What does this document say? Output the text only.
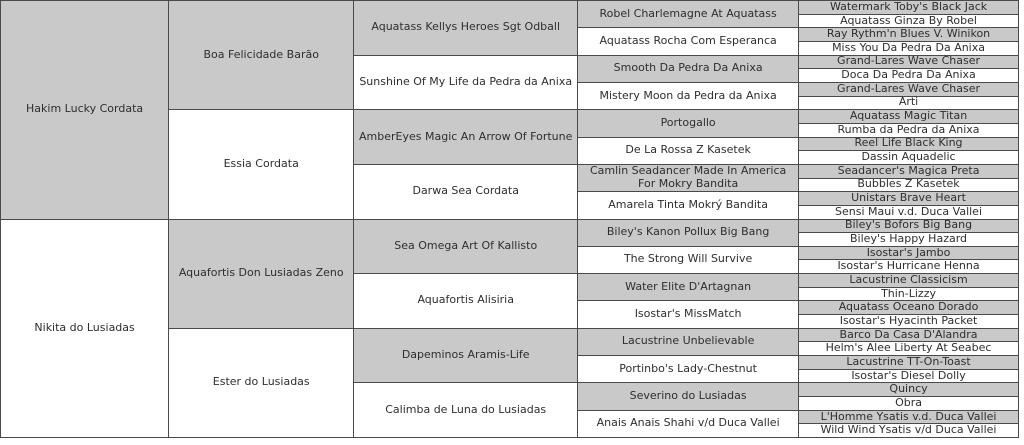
Hakim Lucky Cordata
Nikita do Lusiadas
Boa Felicidade Barão
Essia Cordata
Aquafortis Don Lusiadas Zeno
Ester do Lusiadas
Aquatass Kellys Heroes Sgt Odball
Sunshine Of My Life da Pedra da Anixa
AmberEyes Magic An Arrow Of Fortune
Darwa Sea Cordata
Sea Omega Art Of Kallisto
Aquafortis Alisiria
Dapeminos Aramis-Life
Calimba de Luna do Lusiadas
Robel Charlemagne At Aquatass
Aquatass Rocha Com Esperanca
Smooth Da Pedra Da Anixa
Mistery Moon da Pedra da Anixa
Portogallo
De La Rossa Z Kasetek
Camlin Seadancer Made In America For Mokry Bandita
Amarela Tinta Mokrý Bandita
Biley's Kanon Pollux Big Bang
The Strong Will Survive
Water Elite D'Artagnan
Isostar's MissMatch
Lacustrine Unbelievable
Portinbo's Lady-Chestnut
Severino do Lusiadas
Anais Anais Shahi v/d Duca Vallei
Watermark Toby's Black Jack
Aquatass Ginza By Robel
Ray Rythm'n Blues V. Winikon
Miss You Da Pedra Da Anixa
Grand-Lares Wave Chaser
Doca Da Pedra Da Anixa
Grand-Lares Wave Chaser
Arti
Aquatass Magic Titan
Rumba da Pedra da Anixa
Reel Life Black King
Dassin Aquadelic
Seadancer's Magica Preta
Bubbles Z Kasetek
Unistars Brave Heart
Sensi Maui v.d. Duca Vallei
Biley's Bofors Big Bang
Biley's Happy Hazard
Isostar's Jambo
Isostar's Hurricane Henna
Lacustrine Classicism
Thin-Lizzy
Aquatass Oceano Dorado
Isostar's Hyacinth Packet
Barco Da Casa D'Alandra
Helm's Alee Liberty At Seabec
Lacustrine TT-On-Toast
Isostar's Diesel Dolly
Quincy
Obra
L'Homme Ysatis v.d. Duca Vallei
Wild Wind Ysatis v/d Duca Vallei
